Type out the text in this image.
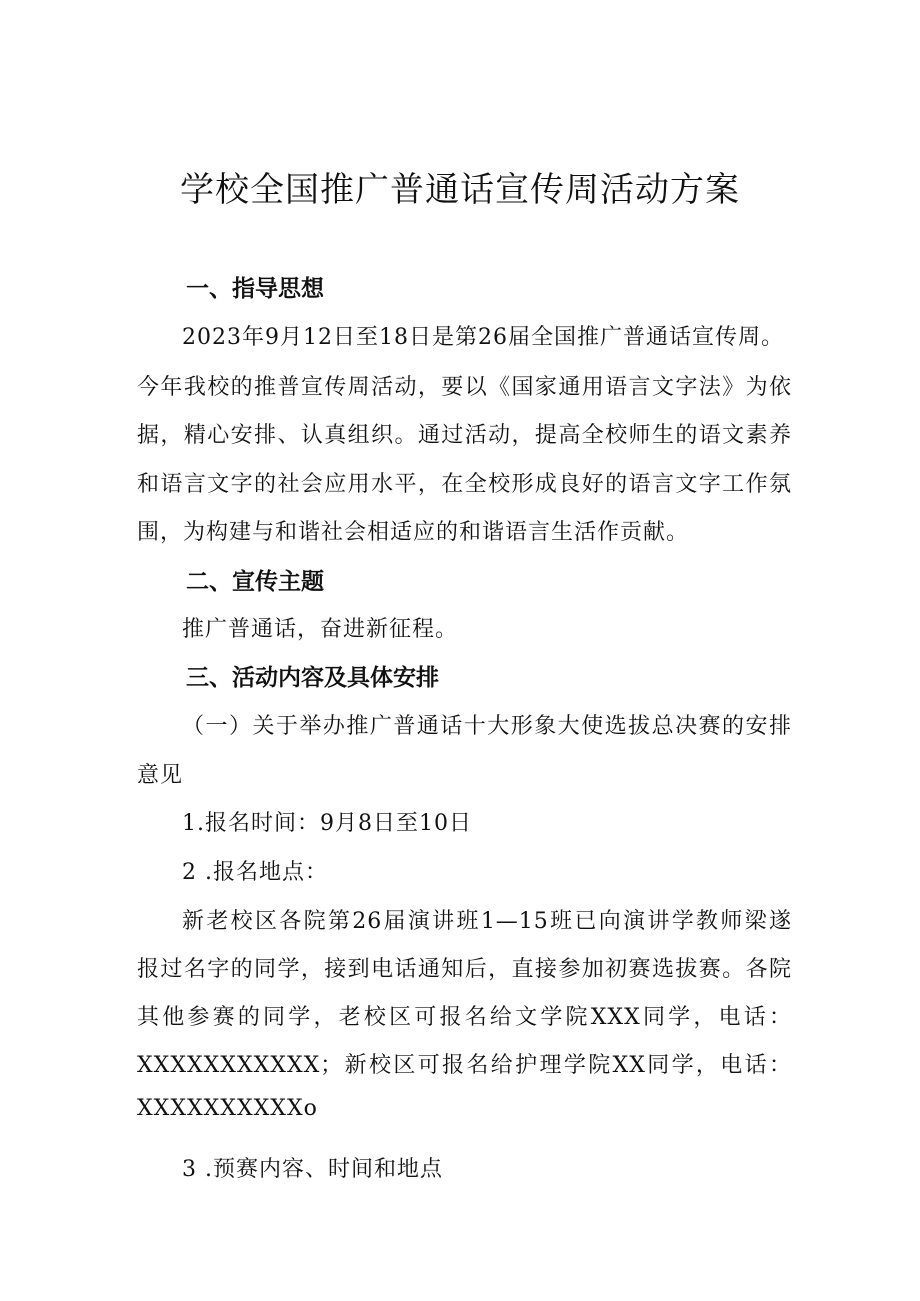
学校全国推广普通话宣传周活动方案
一、指导思想
2023年9月12日至18日是第26届全国推广普通话宣传周。
今年我校的推普宣传周活动，要以《国家通用语言文字法》为依
据，精心安排、认真组织。通过活动，提高全校师生的语文素养
和语言文字的社会应用水平，在全校形成良好的语言文字工作氛
围，为构建与和谐社会相适应的和谐语言生活作贡献。
二、宣传主题
推广普通话，奋进新征程。
三、活动内容及具体安排
（一）关于举办推广普通话十大形象大使选拔总决赛的安排
意见
1.报名时间：9月8日至10日
2 .报名地点：
新老校区各院第26届演讲班1—15班已向演讲学教师梁遂
报过名字的同学，接到电话通知后，直接参加初赛选拔赛。各院
其他参赛的同学，老校区可报名给文学院XXX同学，电话：
XXXXXXXXXXX；新校区可报名给护理学院XX同学，电话：
XXXXXXXXXXo
3 .预赛内容、时间和地点
